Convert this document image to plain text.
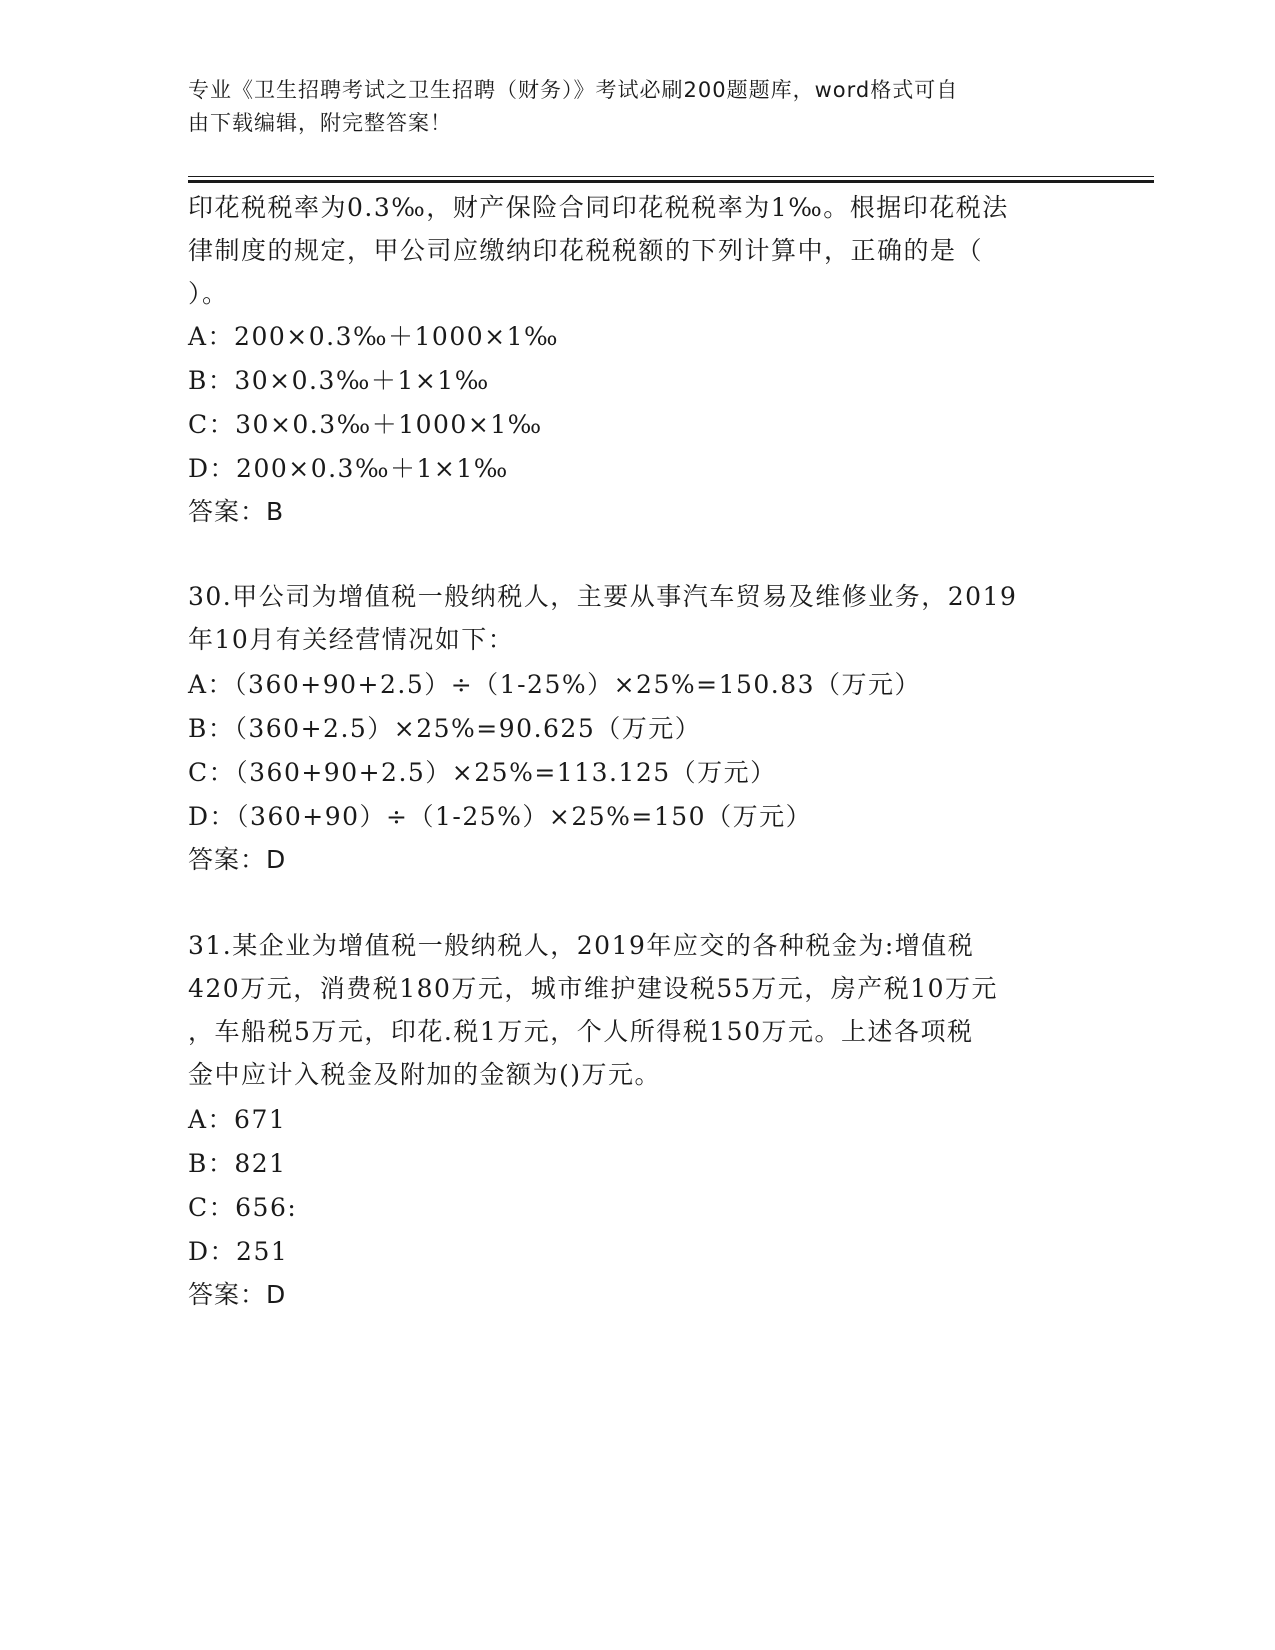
专业《卫生招聘考试之卫生招聘（财务）》考试必刷200题题库，word格式可自
由下载编辑，附完整答案！
印花税税率为0.3‰，财产保险合同印花税税率为1‰。根据印花税法
律制度的规定，甲公司应缴纳印花税税额的下列计算中，正确的是（
）。
A：200×0.3‰＋1000×1‰
B：30×0.3‰＋1×1‰
C：30×0.3‰＋1000×1‰
D：200×0.3‰＋1×1‰
答案：B
30.甲公司为增值税一般纳税人，主要从事汽车贸易及维修业务，2019
年10月有关经营情况如下：
A：（360+90+2.5）÷（1-25%）×25%=150.83（万元）
B：（360+2.5）×25%=90.625（万元）
C：（360+90+2.5）×25%=113.125（万元）
D：（360+90）÷（1-25%）×25%=150（万元）
答案：D
31.某企业为增值税一般纳税人，2019年应交的各种税金为:增值税
420万元，消费税180万元，城市维护建设税55万元，房产税10万元
，车船税5万元，印花.税1万元，个人所得税150万元。上述各项税
金中应计入税金及附加的金额为()万元。
A：671
B：821
C：656:
D：251
答案：D
